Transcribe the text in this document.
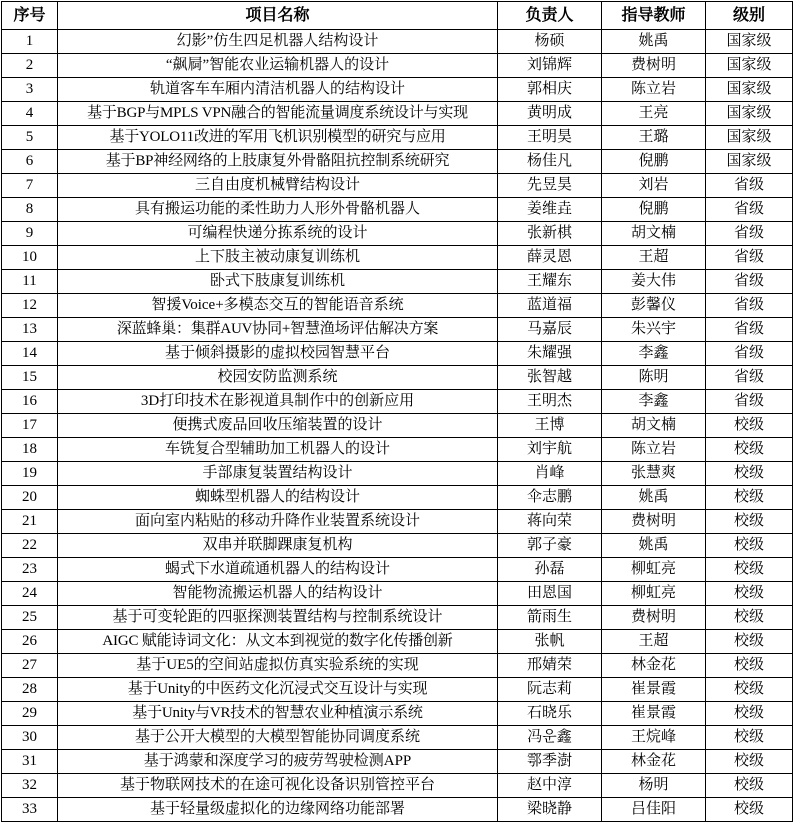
序号	项目名称	负责人	指导教师	级别
1	幻影”仿生四足机器人结构设计	杨硕	姚禹	国家级
2	“飙屙”智能农业运输机器人的设计	刘锦辉	费树明	国家级
3	轨道客车车厢内清洁机器人的结构设计	郭相庆	陈立岩	国家级
4	基于BGP与MPLS VPN融合的智能流量调度系统设计与实现	黄明成	王亮	国家级
5	基于YOLO11改进的军用飞机识别模型的研究与应用	王明昊	王璐	国家级
6	基于BP神经网络的上肢康复外骨骼阻抗控制系统研究	杨佳凡	倪鹏	国家级
7	三自由度机械臂结构设计	先昱昊	刘岩	省级
8	具有搬运功能的柔性助力人形外骨骼机器人	姜维垚	倪鹏	省级
9	可编程快递分拣系统的设计	张新棋	胡文楠	省级
10	上下肢主被动康复训练机	薛灵恩	王超	省级
11	卧式下肢康复训练机	王耀东	姜大伟	省级
12	智援Voice+多模态交互的智能语音系统	蓝道福	彭馨仪	省级
13	深蓝蜂巢：集群AUV协同+智慧渔场评估解决方案	马嘉辰	朱兴宇	省级
14	基于倾斜摄影的虚拟校园智慧平台	朱耀强	李鑫	省级
15	校园安防监测系统	张智越	陈明	省级
16	3D打印技术在影视道具制作中的创新应用	王明杰	李鑫	省级
17	便携式废品回收压缩装置的设计	王博	胡文楠	校级
18	车铣复合型辅助加工机器人的设计	刘宇航	陈立岩	校级
19	手部康复装置结构设计	肖峰	张慧爽	校级
20	蜘蛛型机器人的结构设计	伞志鹏	姚禹	校级
21	面向室内粘贴的移动升降作业装置系统设计	蒋向荣	费树明	校级
22	双串并联脚踝康复机构	郭子豪	姚禹	校级
23	蝎式下水道疏通机器人的结构设计	孙磊	柳虹亮	校级
24	智能物流搬运机器人的结构设计	田恩国	柳虹亮	校级
25	基于可变轮距的四驱探测装置结构与控制系统设计	箭雨生	费树明	校级
26	AIGC 赋能诗词文化：从文本到视觉的数字化传播创新	张帆	王超	校级
27	基于UE5的空间站虚拟仿真实验系统的实现	邢婧荣	林金花	校级
28	基于Unity的中医药文化沉浸式交互设计与实现	阮志莉	崔景霞	校级
29	基于Unity与VR技术的智慧农业种植演示系统	石晓乐	崔景霞	校级
30	基于公开大模型的大模型智能协同调度系统	冯운鑫	王烷峰	校级
31	基于鸿蒙和深度学习的疲劳驾驶检测APP	鄠季澍	林金花	校级
32	基于物联网技术的在途可视化设备识别管控平台	赵中淳	杨明	校级
33	基于轻量级虚拟化的边缘网络功能部署	梁晓静	吕佳阳	校级
